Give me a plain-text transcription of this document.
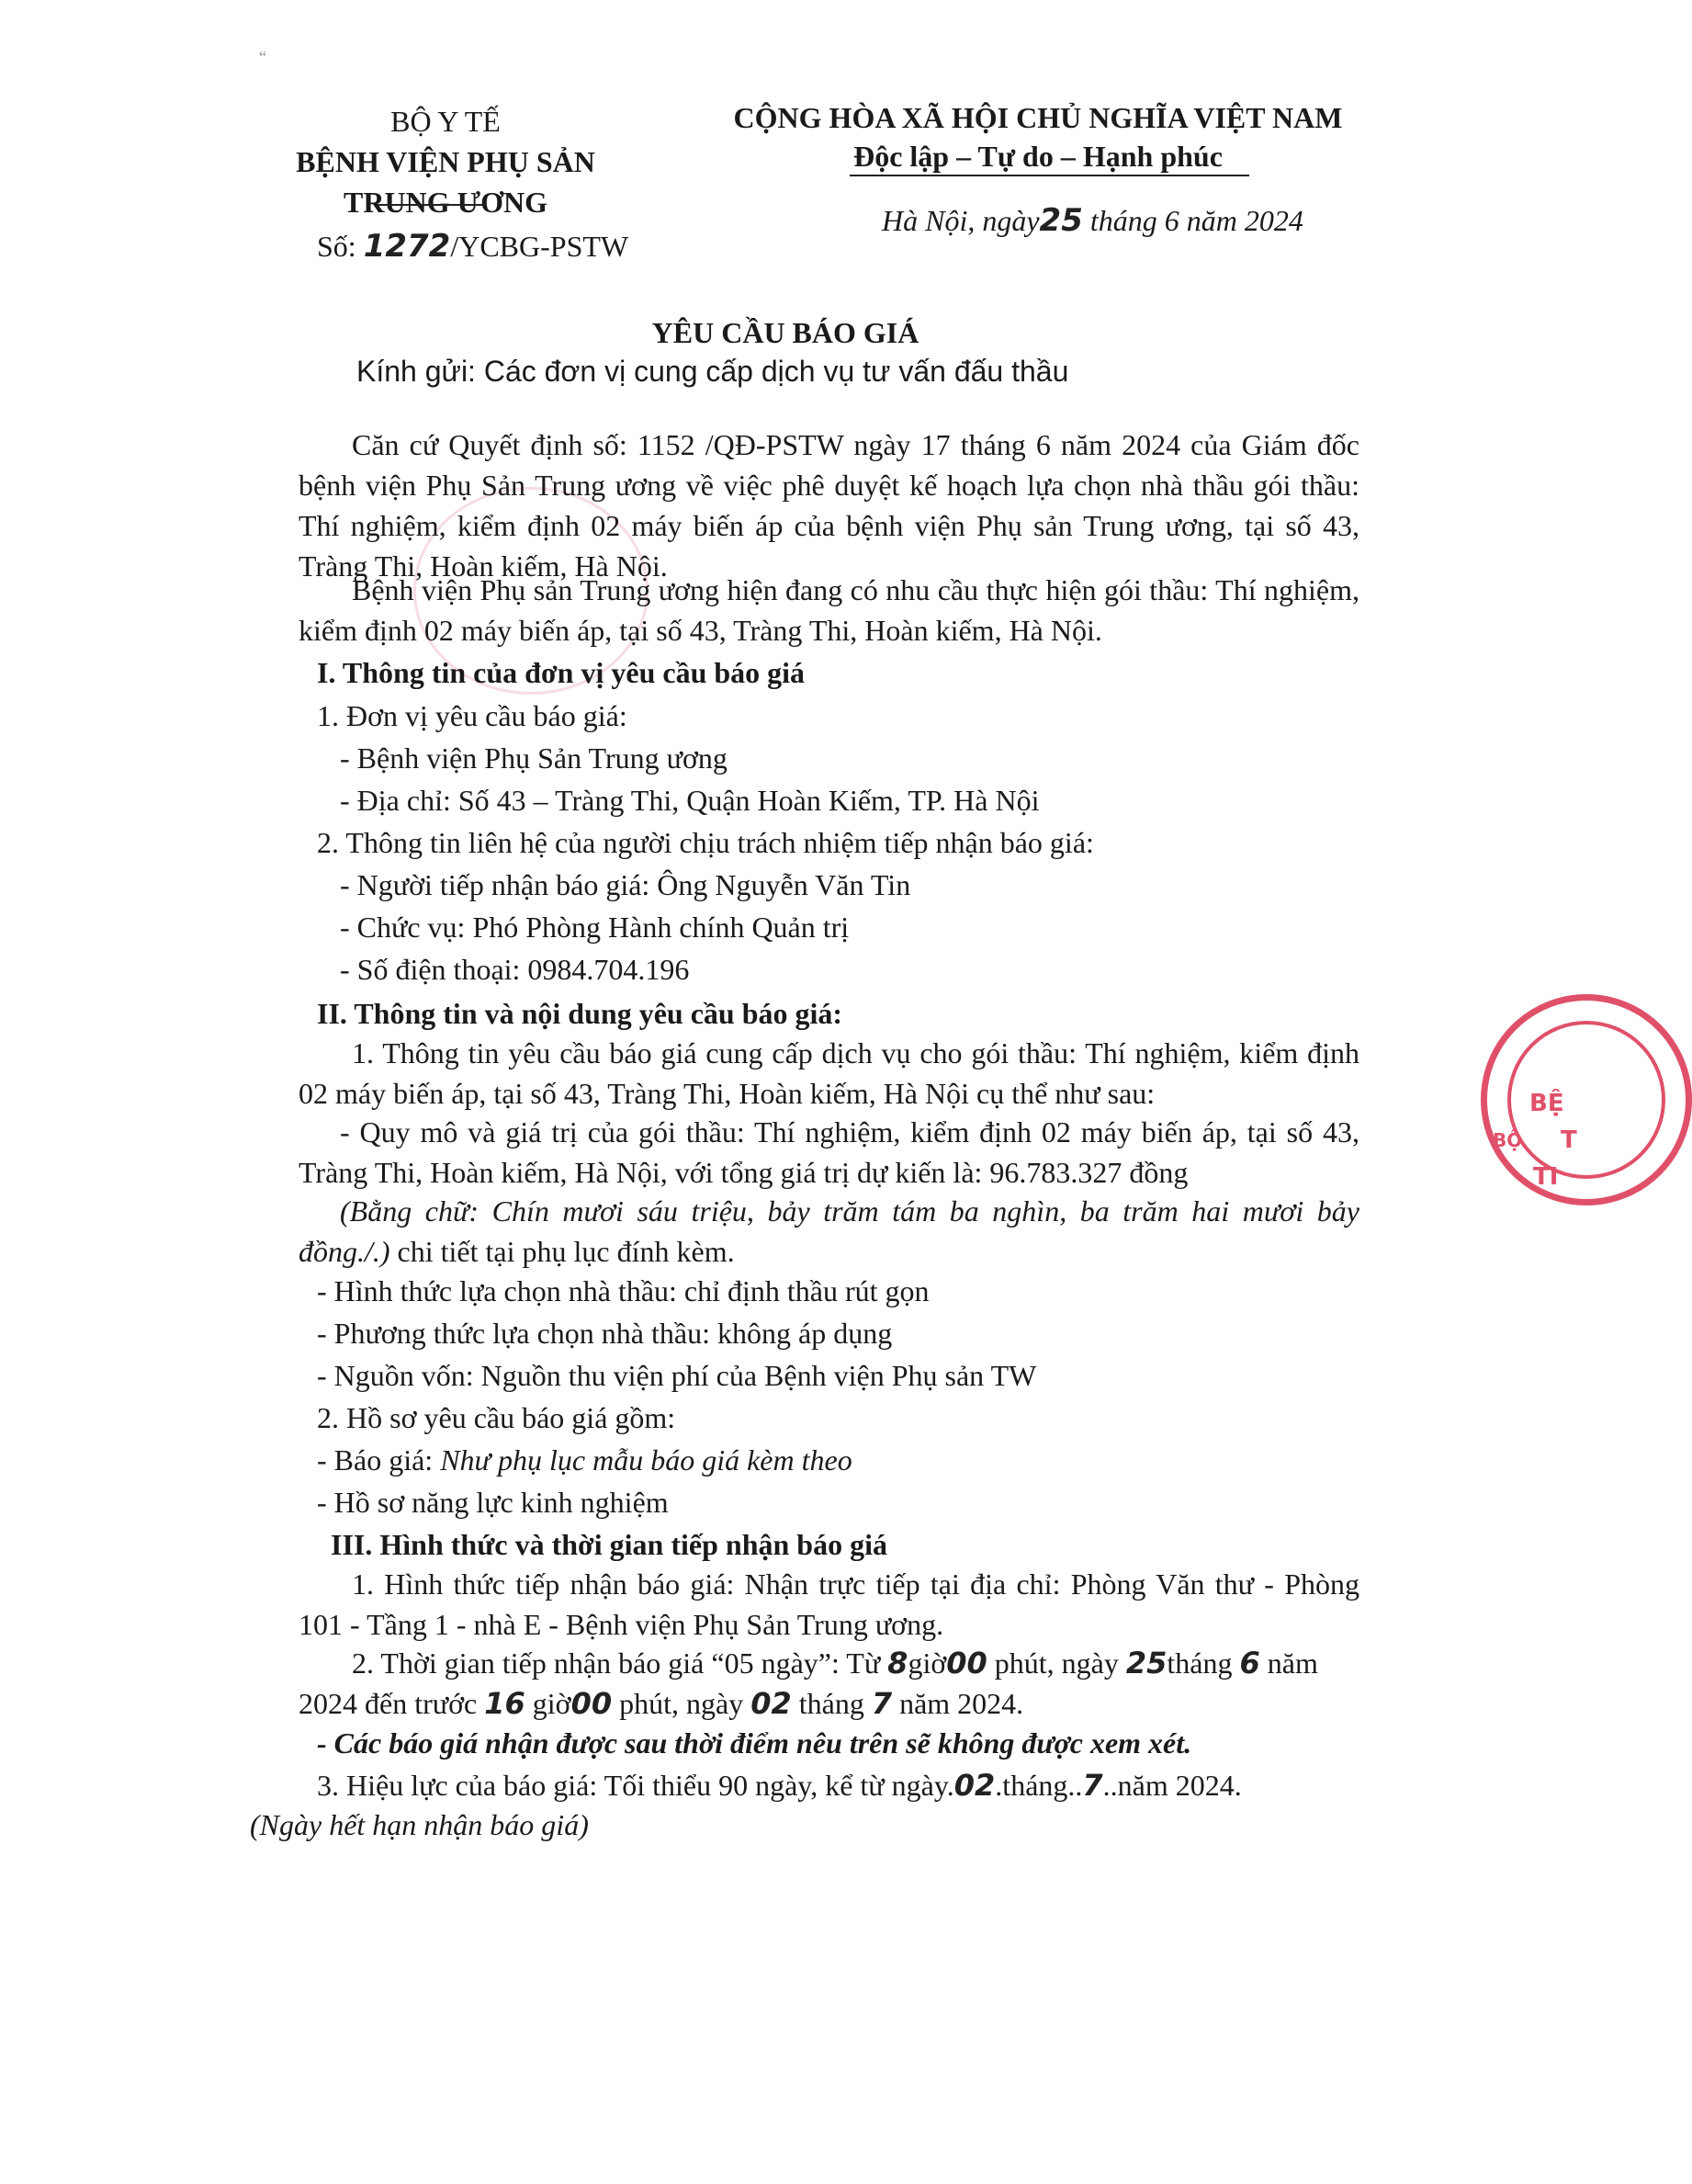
“
BỘ Y TẾ
BỆNH VIỆN PHỤ SẢN
TRUNG ƯƠNG
Số: 1272/YCBG-PSTW
CỘNG HÒA XÃ HỘI CHỦ NGHĨA VIỆT NAM
Độc lập – Tự do – Hạnh phúc
Hà Nội, ngày25 tháng 6 năm 2024
YÊU CẦU BÁO GIÁ
Kính gửi: Các đơn vị cung cấp dịch vụ tư vấn đấu thầu
Căn cứ Quyết định số: 1152 /QĐ-PSTW ngày 17 tháng 6 năm 2024 của Giám đốc bệnh viện Phụ Sản Trung ương về việc phê duyệt kế hoạch lựa chọn nhà thầu gói thầu: Thí nghiệm, kiểm định 02 máy biến áp của bệnh viện Phụ sản Trung ương, tại số 43, Tràng Thi, Hoàn kiếm, Hà Nội.
Bệnh viện Phụ sản Trung ương hiện đang có nhu cầu thực hiện gói thầu: Thí nghiệm, kiểm định 02 máy biến áp, tại số 43, Tràng Thi, Hoàn kiếm, Hà Nội.
I. Thông tin của đơn vị yêu cầu báo giá
1. Đơn vị yêu cầu báo giá:
- Bệnh viện Phụ Sản Trung ương
- Địa chỉ: Số 43 – Tràng Thi, Quận Hoàn Kiếm, TP. Hà Nội
2. Thông tin liên hệ của người chịu trách nhiệm tiếp nhận báo giá:
- Người tiếp nhận báo giá: Ông Nguyễn Văn Tin
- Chức vụ: Phó Phòng Hành chính Quản trị
- Số điện thoại: 0984.704.196
II. Thông tin và nội dung yêu cầu báo giá:
1. Thông tin yêu cầu báo giá cung cấp dịch vụ cho gói thầu: Thí nghiệm, kiểm định 02 máy biến áp, tại số 43, Tràng Thi, Hoàn kiếm, Hà Nội cụ thể như sau:
- Quy mô và giá trị của gói thầu: Thí nghiệm, kiểm định 02 máy biến áp, tại số 43, Tràng Thi, Hoàn kiếm, Hà Nội, với tổng giá trị dự kiến là: 96.783.327 đồng
(Bằng chữ: Chín mươi sáu triệu, bảy trăm tám ba nghìn, ba trăm hai mươi bảy đồng./.) chi tiết tại phụ lục đính kèm.
- Hình thức lựa chọn nhà thầu: chỉ định thầu rút gọn
- Phương thức lựa chọn nhà thầu: không áp dụng
- Nguồn vốn: Nguồn thu viện phí của Bệnh viện Phụ sản TW
2. Hồ sơ yêu cầu báo giá gồm:
- Báo giá: Như phụ lục mẫu báo giá kèm theo
- Hồ sơ năng lực kinh nghiệm
III. Hình thức và thời gian tiếp nhận báo giá
1. Hình thức tiếp nhận báo giá: Nhận trực tiếp tại địa chỉ: Phòng Văn thư - Phòng 101 - Tầng 1 - nhà E - Bệnh viện Phụ Sản Trung ương.
2. Thời gian tiếp nhận báo giá “05 ngày”: Từ 8giờ00 phút, ngày 25tháng 6 năm
2024 đến trước 16 giờ00 phút, ngày 02 tháng 7 năm 2024.
- Các báo giá nhận được sau thời điểm nêu trên sẽ không được xem xét.
3. Hiệu lực của báo giá: Tối thiểu 90 ngày, kể từ ngày.02.tháng..7..năm 2024.
(Ngày hết hạn nhận báo giá)
BỆ
BỘ T
TI
